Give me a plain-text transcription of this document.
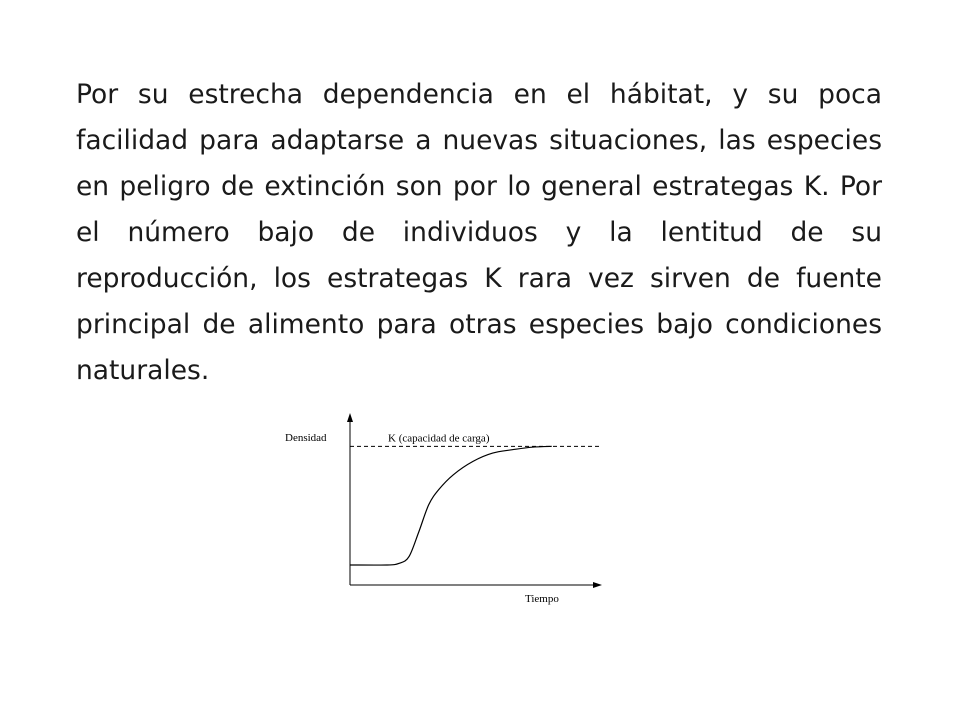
Por su estrecha dependencia en el hábitat, y su poca facilidad para adaptarse a nuevas situaciones, las especies en peligro de extinción son por lo general estrategas K. Por el número bajo de individuos y la lentitud de su reproducción, los estrategas K rara vez sirven de fuente principal de alimento para otras especies bajo condiciones naturales.

Densidad
Tiempo
K (capacidad de carga)
